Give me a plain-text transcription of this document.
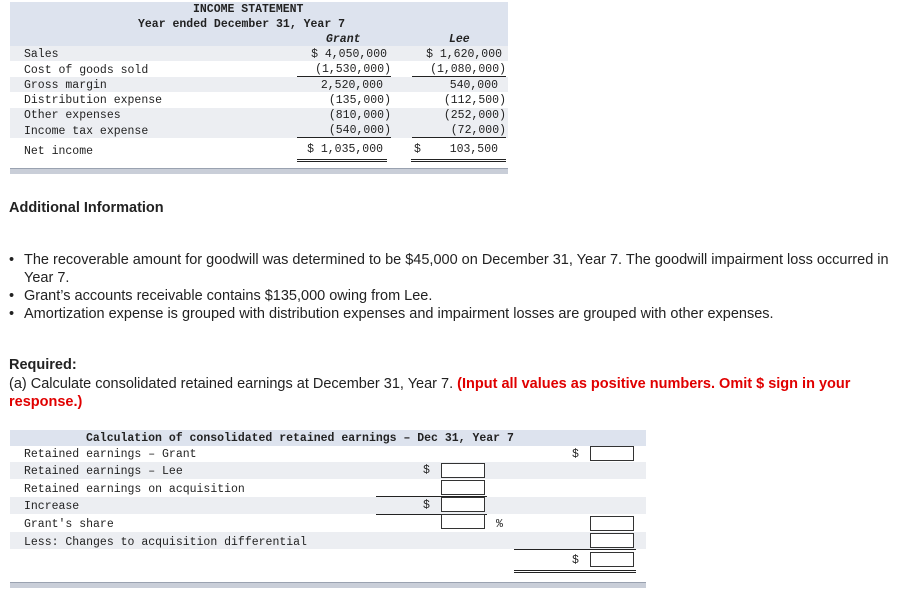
INCOME STATEMENT
Year ended December 31, Year 7
Grant	Lee
Sales
Cost of goods sold
Gross margin
Distribution expense
Other expenses
Income tax expense
Net income
$ 4,050,000
(1,530,000)
2,520,000
(135,000)
(810,000)
(540,000)
$ 1,035,000
$ 1,620,000
(1,080,000)
540,000
(112,500)
(252,000)
(72,000)
$	103,500
Additional Information
• The recoverable amount for goodwill was determined to be $45,000 on December 31, Year 7. The goodwill impairment loss occurred in Year 7.
• Grant’s accounts receivable contains $135,000 owing from Lee.
• Amortization expense is grouped with distribution expenses and impairment losses are grouped with other expenses.
Required:
(a) Calculate consolidated retained earnings at December 31, Year 7. (Input all values as positive numbers. Omit $ sign in your response.)
Calculation of consolidated retained earnings – Dec 31, Year 7
Retained earnings – Grant
Retained earnings – Lee
Retained earnings on acquisition
Increase
Grant's share
Less: Changes to acquisition differential
$
$
$
%
$
